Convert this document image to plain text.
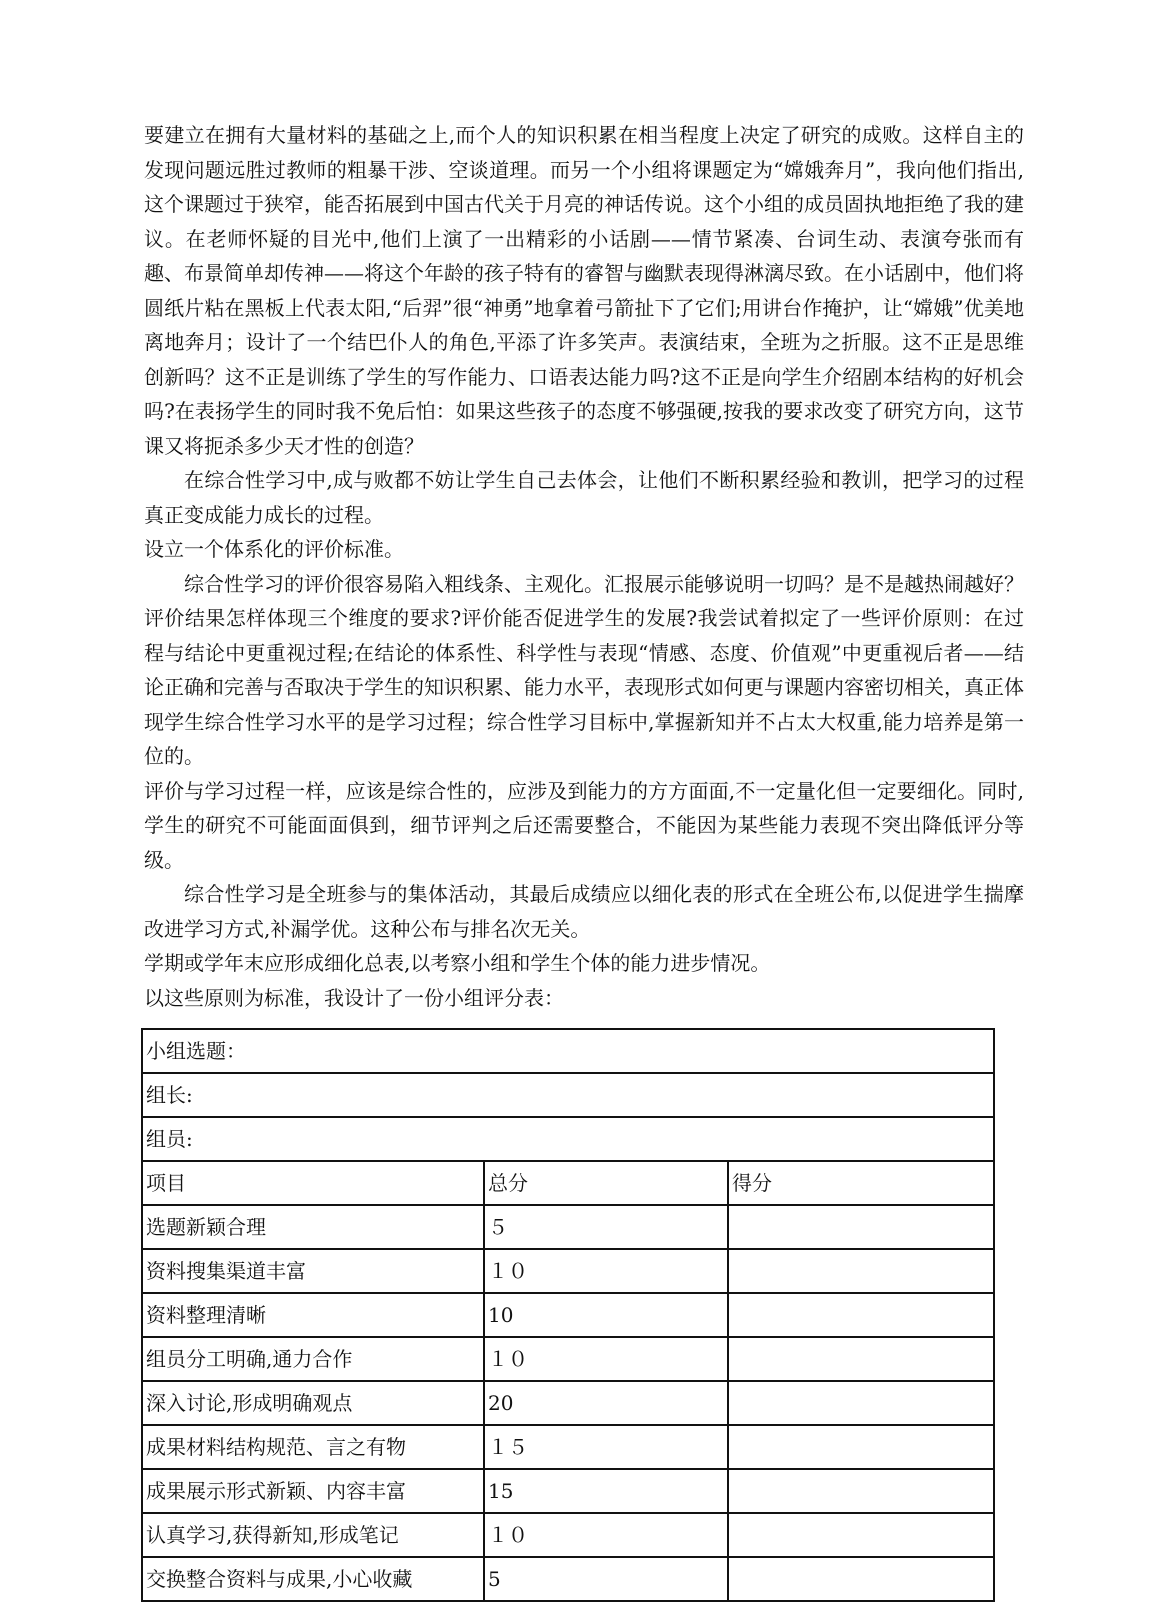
要建立在拥有大量材料的基础之上,而个人的知识积累在相当程度上决定了研究的成败。这样自主的发现问题远胜过教师的粗暴干涉、空谈道理。而另一个小组将课题定为“嫦娥奔月”，我向他们指出,这个课题过于狭窄，能否拓展到中国古代关于月亮的神话传说。这个小组的成员固执地拒绝了我的建议。在老师怀疑的目光中,他们上演了一出精彩的小话剧——情节紧凑、台词生动、表演夸张而有趣、布景简单却传神——将这个年龄的孩子特有的睿智与幽默表现得淋漓尽致。在小话剧中，他们将圆纸片粘在黑板上代表太阳,“后羿”很“神勇”地拿着弓箭扯下了它们;用讲台作掩护，让“嫦娥”优美地离地奔月；设计了一个结巴仆人的角色,平添了许多笑声。表演结束，全班为之折服。这不正是思维创新吗？这不正是训练了学生的写作能力、口语表达能力吗?这不正是向学生介绍剧本结构的好机会吗?在表扬学生的同时我不免后怕：如果这些孩子的态度不够强硬,按我的要求改变了研究方向，这节课又将扼杀多少天才性的创造？

在综合性学习中,成与败都不妨让学生自己去体会，让他们不断积累经验和教训，把学习的过程真正变成能力成长的过程。

设立一个体系化的评价标准。

综合性学习的评价很容易陷入粗线条、主观化。汇报展示能够说明一切吗？是不是越热闹越好？评价结果怎样体现三个维度的要求?评价能否促进学生的发展?我尝试着拟定了一些评价原则：在过程与结论中更重视过程;在结论的体系性、科学性与表现“情感、态度、价值观”中更重视后者——结论正确和完善与否取决于学生的知识积累、能力水平，表现形式如何更与课题内容密切相关，真正体现学生综合性学习水平的是学习过程；综合性学习目标中,掌握新知并不占太大权重,能力培养是第一位的。

评价与学习过程一样，应该是综合性的，应涉及到能力的方方面面,不一定量化但一定要细化。同时,学生的研究不可能面面俱到，细节评判之后还需要整合，不能因为某些能力表现不突出降低评分等级。

综合性学习是全班参与的集体活动，其最后成绩应以细化表的形式在全班公布,以促进学生揣摩改进学习方式,补漏学优。这种公布与排名次无关。

学期或学年末应形成细化总表,以考察小组和学生个体的能力进步情况。

以这些原则为标准，我设计了一份小组评分表：

小组选题：		
组长:		
组员:		
项目	总分	得分
选题新颖合理	５	
资料搜集渠道丰富	１０	
资料整理清晰	10	
组员分工明确,通力合作	１０	
深入讨论,形成明确观点	20	
成果材料结构规范、言之有物	１５	
成果展示形式新颖、内容丰富	15	
认真学习,获得新知,形成笔记	１０	
交换整合资料与成果,小心收藏	5	
